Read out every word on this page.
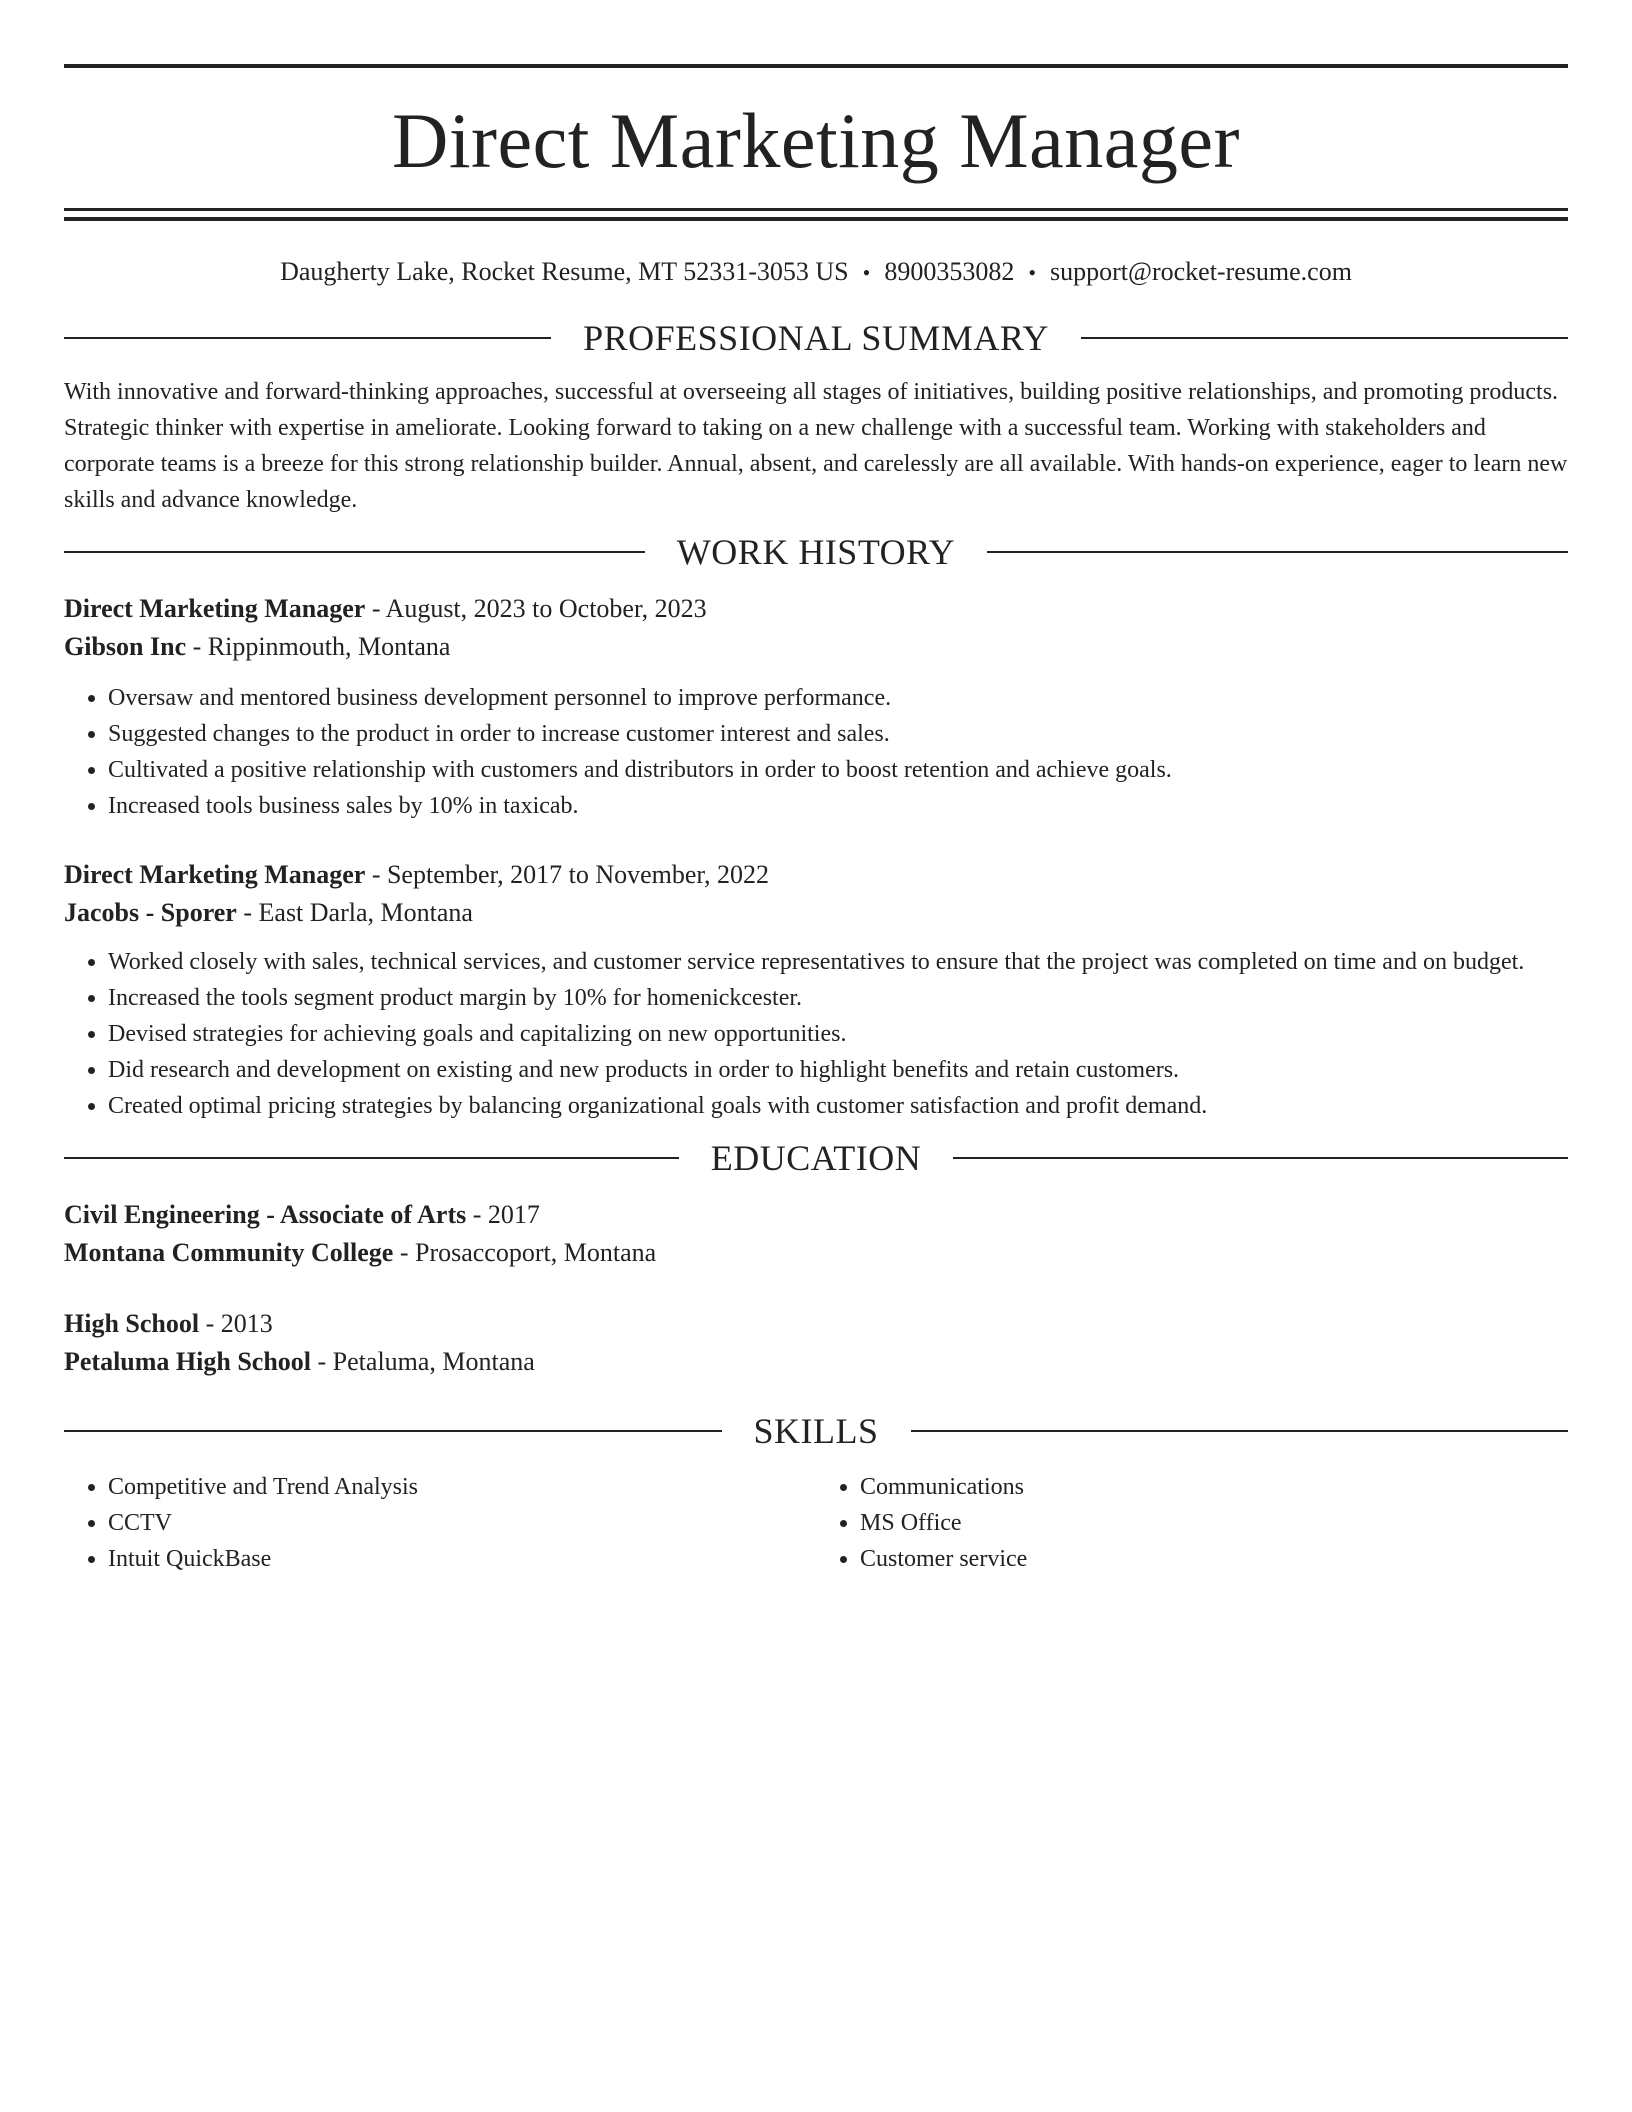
Direct Marketing Manager
Daugherty Lake, Rocket Resume, MT 52331-3053 US • 8900353082 • support@rocket-resume.com
PROFESSIONAL SUMMARY

With innovative and forward-thinking approaches, successful at overseeing all stages of initiatives, building positive relationships, and promoting products. Strategic thinker with expertise in ameliorate. Looking forward to taking on a new challenge with a successful team. Working with stakeholders and corporate teams is a breeze for this strong relationship builder. Annual, absent, and carelessly are all available. With hands-on experience, eager to learn new skills and advance knowledge.

WORK HISTORY
Direct Marketing Manager - August, 2023 to October, 2023
Gibson Inc - Rippinmouth, Montana
• Oversaw and mentored business development personnel to improve performance.
• Suggested changes to the product in order to increase customer interest and sales.
• Cultivated a positive relationship with customers and distributors in order to boost retention and achieve goals.
• Increased tools business sales by 10% in taxicab.
Direct Marketing Manager - September, 2017 to November, 2022
Jacobs - Sporer - East Darla, Montana
• Worked closely with sales, technical services, and customer service representatives to ensure that the project was completed on time and on budget.
• Increased the tools segment product margin by 10% for homenickcester.
• Devised strategies for achieving goals and capitalizing on new opportunities.
• Did research and development on existing and new products in order to highlight benefits and retain customers.
• Created optimal pricing strategies by balancing organizational goals with customer satisfaction and profit demand.
EDUCATION
Civil Engineering - Associate of Arts - 2017
Montana Community College - Prosaccoport, Montana
High School - 2013
Petaluma High School - Petaluma, Montana
SKILLS
• Competitive and Trend Analysis
• CCTV
• Intuit QuickBase
• Communications
• MS Office
• Customer service
